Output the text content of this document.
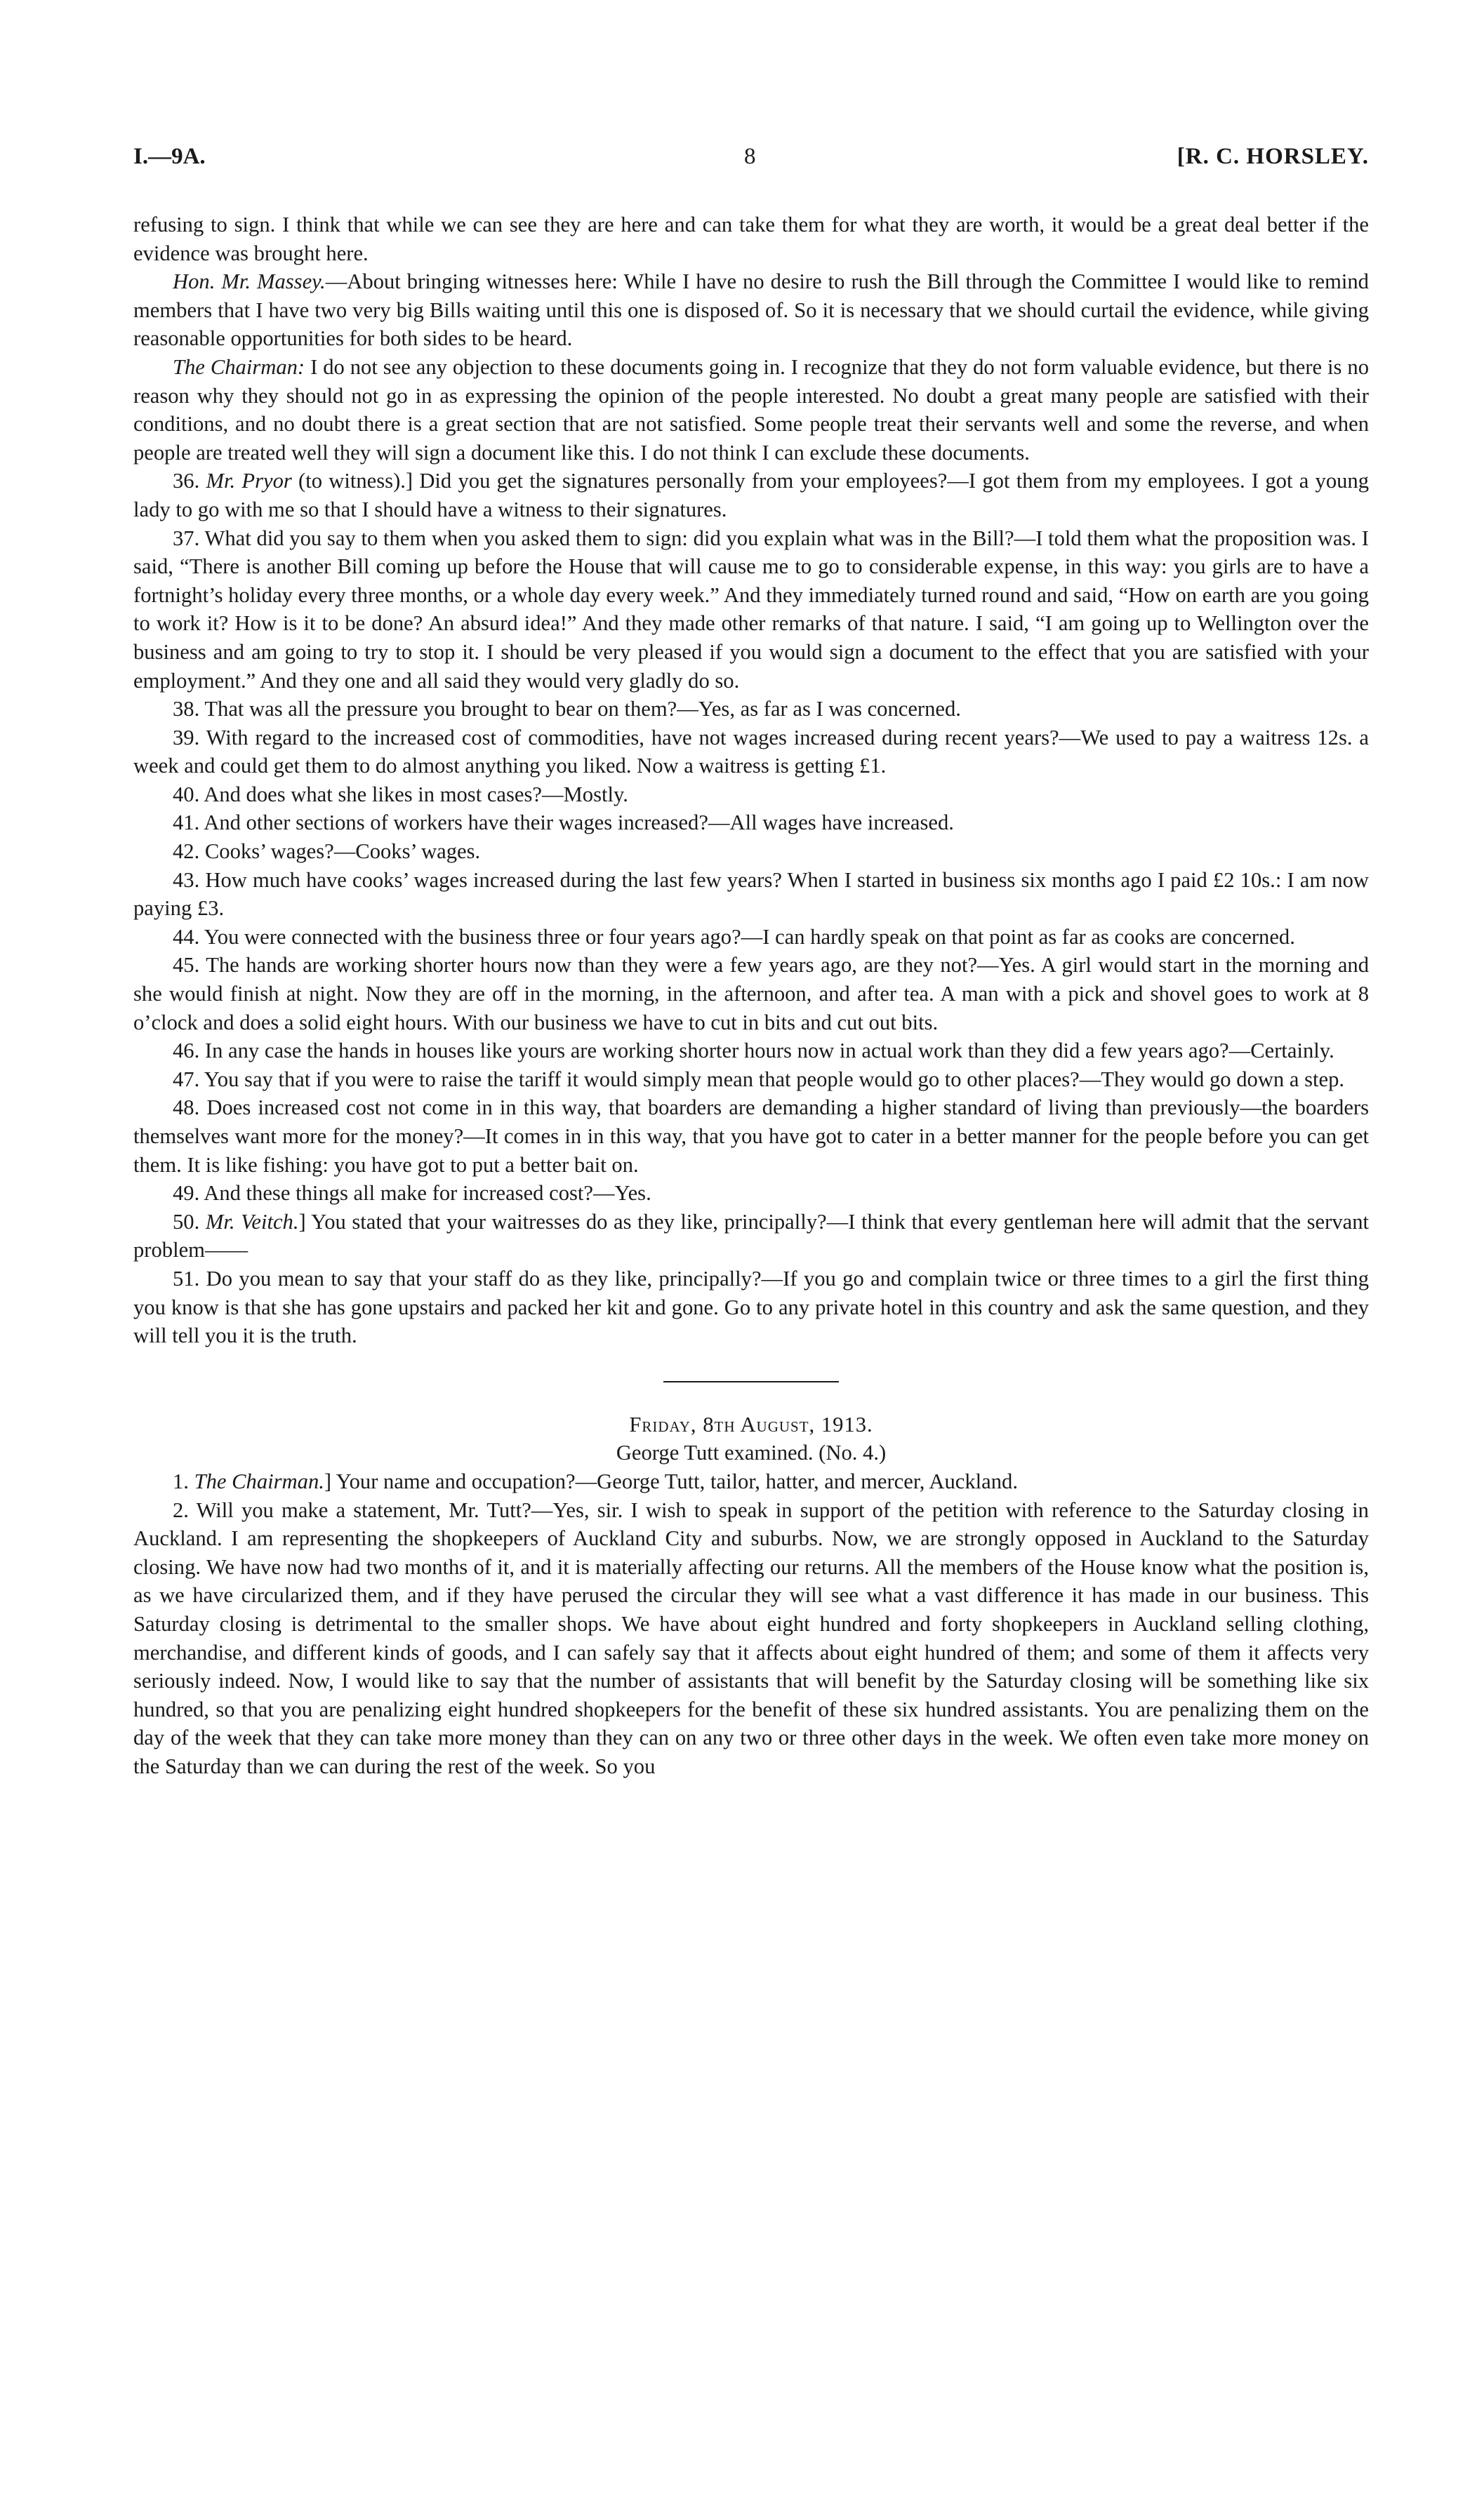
I.—9A.	8	[R. C. HORSLEY.

refusing to sign. I think that while we can see they are here and can take them for what they are worth, it would be a great deal better if the evidence was brought here.

Hon. Mr. Massey.—About bringing witnesses here: While I have no desire to rush the Bill through the Committee I would like to remind members that I have two very big Bills waiting until this one is disposed of. So it is necessary that we should curtail the evidence, while giving reasonable opportunities for both sides to be heard.

The Chairman: I do not see any objection to these documents going in. I recognize that they do not form valuable evidence, but there is no reason why they should not go in as expressing the opinion of the people interested. No doubt a great many people are satisfied with their conditions, and no doubt there is a great section that are not satisfied. Some people treat their servants well and some the reverse, and when people are treated well they will sign a document like this. I do not think I can exclude these documents.

36. Mr. Pryor (to witness).] Did you get the signatures personally from your employees?—I got them from my employees. I got a young lady to go with me so that I should have a witness to their signatures.

37. What did you say to them when you asked them to sign: did you explain what was in the Bill?—I told them what the proposition was. I said, “There is another Bill coming up before the House that will cause me to go to considerable expense, in this way: you girls are to have a fortnight’s holiday every three months, or a whole day every week.” And they immediately turned round and said, “How on earth are you going to work it? How is it to be done? An absurd idea!” And they made other remarks of that nature. I said, “I am going up to Wellington over the business and am going to try to stop it. I should be very pleased if you would sign a document to the effect that you are satisfied with your employment.” And they one and all said they would very gladly do so.

38. That was all the pressure you brought to bear on them?—Yes, as far as I was concerned.

39. With regard to the increased cost of commodities, have not wages increased during recent years?—We used to pay a waitress 12s. a week and could get them to do almost anything you liked. Now a waitress is getting £1.

40. And does what she likes in most cases?—Mostly.

41. And other sections of workers have their wages increased?—All wages have increased.

42. Cooks’ wages?—Cooks’ wages.

43. How much have cooks’ wages increased during the last few years? When I started in business six months ago I paid £2 10s.: I am now paying £3.

44. You were connected with the business three or four years ago?—I can hardly speak on that point as far as cooks are concerned.

45. The hands are working shorter hours now than they were a few years ago, are they not?—Yes. A girl would start in the morning and she would finish at night. Now they are off in the morning, in the afternoon, and after tea. A man with a pick and shovel goes to work at 8 o’clock and does a solid eight hours. With our business we have to cut in bits and cut out bits.

46. In any case the hands in houses like yours are working shorter hours now in actual work than they did a few years ago?—Certainly.

47. You say that if you were to raise the tariff it would simply mean that people would go to other places?—They would go down a step.

48. Does increased cost not come in in this way, that boarders are demanding a higher standard of living than previously—the boarders themselves want more for the money?—It comes in in this way, that you have got to cater in a better manner for the people before you can get them. It is like fishing: you have got to put a better bait on.

49. And these things all make for increased cost?—Yes.

50. Mr. Veitch.] You stated that your waitresses do as they like, principally?—I think that every gentleman here will admit that the servant problem——

51. Do you mean to say that your staff do as they like, principally?—If you go and complain twice or three times to a girl the first thing you know is that she has gone upstairs and packed her kit and gone. Go to any private hotel in this country and ask the same question, and they will tell you it is the truth.

Friday, 8th August, 1913.

George Tutt examined. (No. 4.)

1. The Chairman.] Your name and occupation?—George Tutt, tailor, hatter, and mercer, Auckland.

2. Will you make a statement, Mr. Tutt?—Yes, sir. I wish to speak in support of the petition with reference to the Saturday closing in Auckland. I am representing the shopkeepers of Auckland City and suburbs. Now, we are strongly opposed in Auckland to the Saturday closing. We have now had two months of it, and it is materially affecting our returns. All the members of the House know what the position is, as we have circularized them, and if they have perused the circular they will see what a vast difference it has made in our business. This Saturday closing is detrimental to the smaller shops. We have about eight hundred and forty shopkeepers in Auckland selling clothing, merchandise, and different kinds of goods, and I can safely say that it affects about eight hundred of them; and some of them it affects very seriously indeed. Now, I would like to say that the number of assistants that will benefit by the Saturday closing will be something like six hundred, so that you are penalizing eight hundred shopkeepers for the benefit of these six hundred assistants. You are penalizing them on the day of the week that they can take more money than they can on any two or three other days in the week. We often even take more money on the Saturday than we can during the rest of the week. So you
